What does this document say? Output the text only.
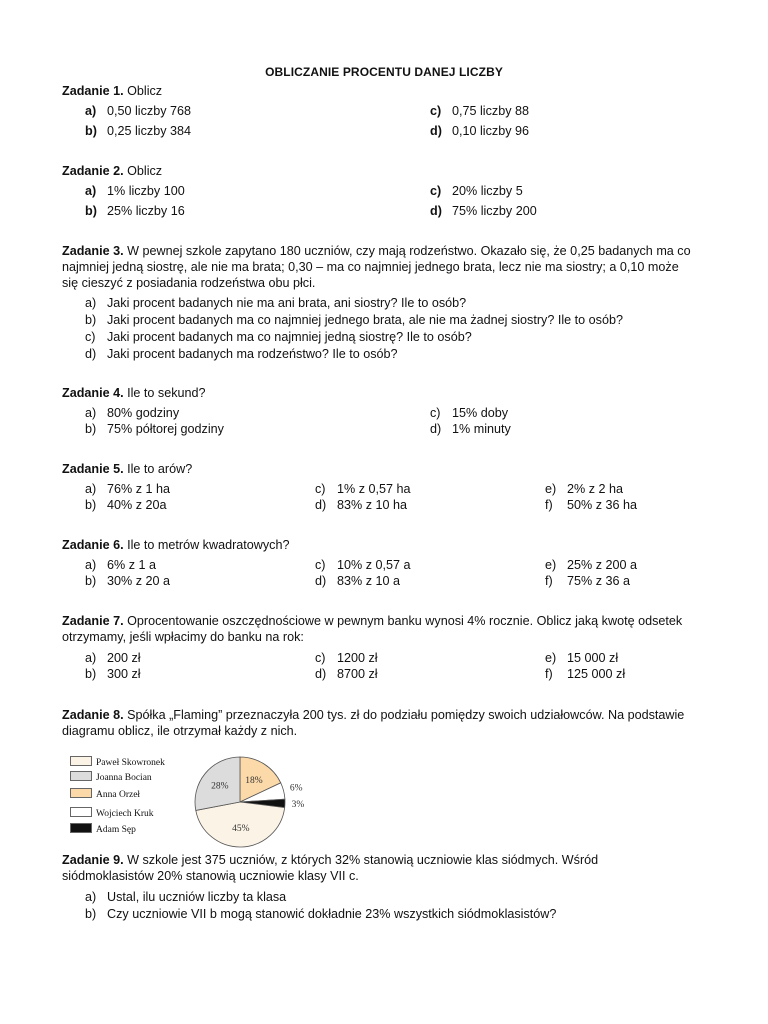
OBLICZANIE PROCENTU DANEJ LICZBY
Zadanie 1. Oblicz
a) 0,50 liczby 768
b) 0,25 liczby 384
c) 0,75 liczby 88
d) 0,10 liczby 96
Zadanie 2. Oblicz
a) 1% liczby 100
b) 25% liczby 16
c) 20% liczby 5
d) 75% liczby 200
Zadanie 3. W pewnej szkole zapytano 180 uczniów, czy mają rodzeństwo. Okazało się, że 0,25 badanych ma co
najmniej jedną siostrę, ale nie ma brata; 0,30 – ma co najmniej jednego brata, lecz nie ma siostry; a 0,10 może
się cieszyć z posiadania rodzeństwa obu płci.
a) Jaki procent badanych nie ma ani brata, ani siostry? Ile to osób?
b) Jaki procent badanych ma co najmniej jednego brata, ale nie ma żadnej siostry? Ile to osób?
c) Jaki procent badanych ma co najmniej jedną siostrę? Ile to osób?
d) Jaki procent badanych ma rodzeństwo? Ile to osób?
Zadanie 4. Ile to sekund?
a) 80% godziny
b) 75% półtorej godziny
c) 15% doby
d) 1% minuty
Zadanie 5. Ile to arów?
a) 76% z 1 ha
b) 40% z 20a
c) 1% z 0,57 ha
d) 83% z 10 ha
e) 2% z 2 ha
f) 50% z 36 ha
Zadanie 6. Ile to metrów kwadratowych?
a) 6% z 1 a
b) 30% z 20 a
c) 10% z 0,57 a
d) 83% z 10 a
e) 25% z 200 a
f) 75% z 36 a
Zadanie 7. Oprocentowanie oszczędnościowe w pewnym banku wynosi 4% rocznie. Oblicz jaką kwotę odsetek
otrzymamy, jeśli wpłacimy do banku na rok:
a) 200 zł
b) 300 zł
c) 1200 zł
d) 8700 zł
e) 15 000 zł
f) 125 000 zł
Zadanie 8. Spółka „Flaming” przeznaczyła 200 tys. zł do podziału pomiędzy swoich udziałowców. Na podstawie
diagramu oblicz, ile otrzymał każdy z nich.
Paweł Skowronek
Joanna Bocian
Anna Orzeł
Wojciech Kruk
Adam Sęp
18%
6%
3%
45%
28%
Zadanie 9. W szkole jest 375 uczniów, z których 32% stanowią uczniowie klas siódmych. Wśród
siódmoklasistów 20% stanowią uczniowie klasy VII c.
a) Ustal, ilu uczniów liczby ta klasa
b) Czy uczniowie VII b mogą stanowić dokładnie 23% wszystkich siódmoklasistów?
